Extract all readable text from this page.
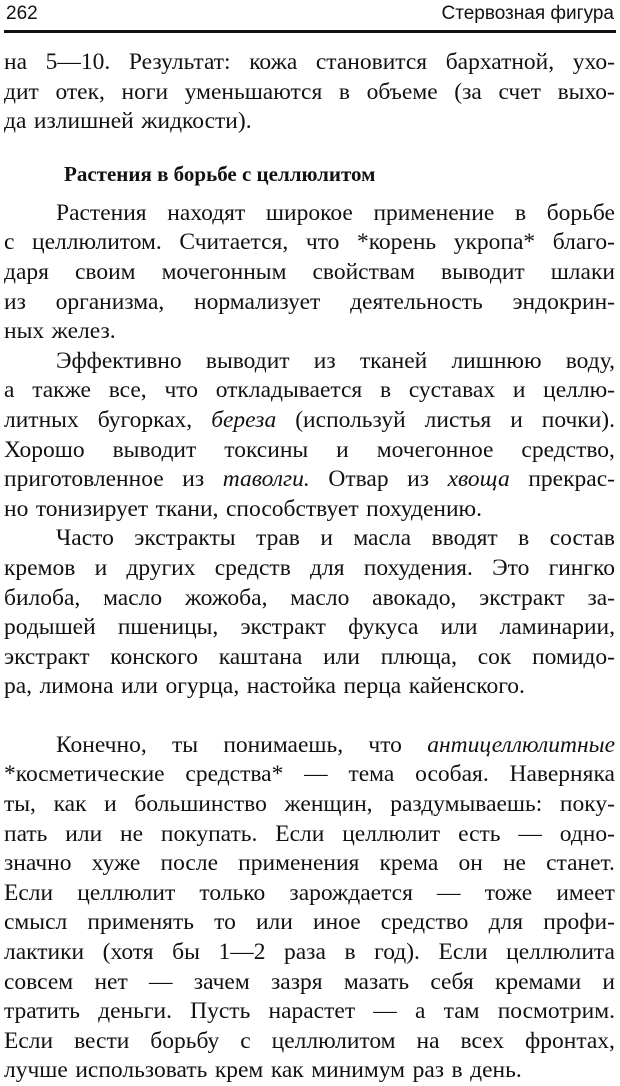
262	Стервозная фигура
на 5—10. Результат: кожа становится бархатной, ухо-
дит отек, ноги уменьшаются в объеме (за счет выхо-
да излишней жидкости).
Растения в борьбе с целлюлитом
Растения находят широкое применение в борьбе
с целлюлитом. Считается, что *корень укропа* благо-
даря своим мочегонным свойствам выводит шлаки
из организма, нормализует деятельность эндокрин-
ных желез.
Эффективно выводит из тканей лишнюю воду,
а также все, что откладывается в суставах и целлю-
литных бугорках, береза (используй листья и почки).
Хорошо выводит токсины и мочегонное средство,
приготовленное из таволги. Отвар из хвоща прекрас-
но тонизирует ткани, способствует похудению.
Часто экстракты трав и масла вводят в состав
кремов и других средств для похудения. Это гингко
билоба, масло жожоба, масло авокадо, экстракт за-
родышей пшеницы, экстракт фукуса или ламинарии,
экстракт конского каштана или плюща, сок помидо-
ра, лимона или огурца, настойка перца кайенского.
Конечно, ты понимаешь, что антицеллюлитные
*косметические средства* — тема особая. Наверняка
ты, как и большинство женщин, раздумываешь: поку-
пать или не покупать. Если целлюлит есть — одно-
значно хуже после применения крема он не станет.
Если целлюлит только зарождается — тоже имеет
смысл применять то или иное средство для профи-
лактики (хотя бы 1—2 раза в год). Если целлюлита
совсем нет — зачем зазря мазать себя кремами и
тратить деньги. Пусть нарастет — а там посмотрим.
Если вести борьбу с целлюлитом на всех фронтах,
лучше использовать крем как минимум раз в день.
